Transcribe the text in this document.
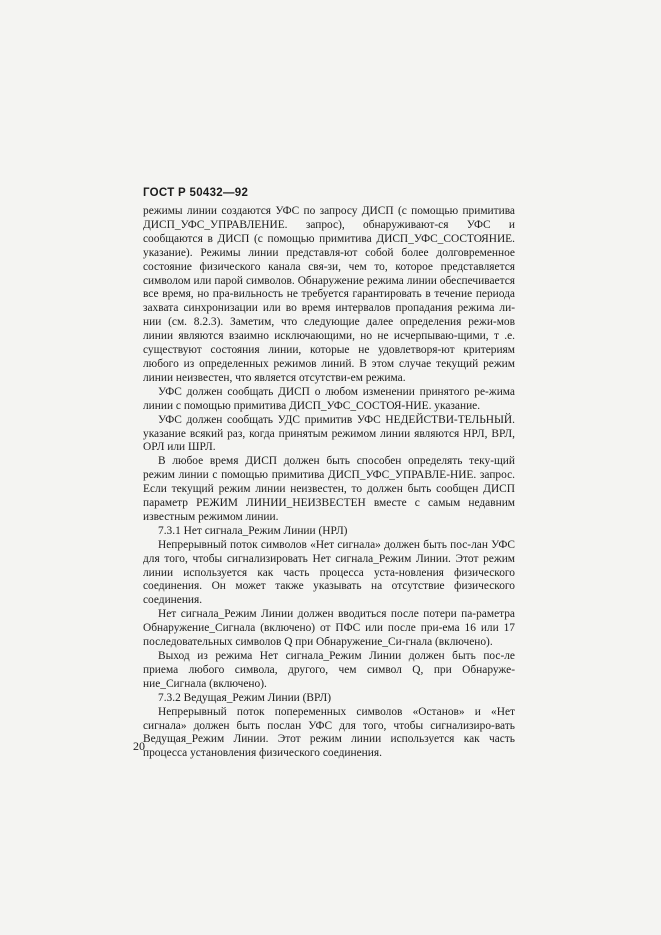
ГОСТ Р 50432—92

режимы линии создаются УФС по запросу ДИСП (с помощью примитива ДИСП_УФС_УПРАВЛЕНИЕ. запрос), обнаруживают-ся УФС и сообщаются в ДИСП (с помощью примитива ДИСП_УФС_СОСТОЯНИЕ. указание). Режимы линии представля-ют собой более долговременное состояние физического канала свя-зи, чем то, которое представляется символом или парой символов. Обнаружение режима линии обеспечивается все время, но пра-вильность не требуется гарантировать в течение периода захвата синхронизации или во время интервалов пропадания режима ли-нии (см. 8.2.3). Заметим, что следующие далее определения режи-мов линии являются взаимно исключающими, но не исчерпываю-щими, т .е. существуют состояния линии, которые не удовлетворя-ют критериям любого из определенных режимов линий. В этом случае текущий режим линии неизвестен, что является отсутстви-ем режима.

УФС должен сообщать ДИСП о любом изменении принятого ре-жима линии с помощью примитива ДИСП_УФС_СОСТОЯ-НИЕ. указание.

УФС должен сообщать УДС примитив УФС НЕДЕЙСТВИ-ТЕЛЬНЫЙ. указание всякий раз, когда принятым режимом линии являются НРЛ, ВРЛ, ОРЛ или ШРЛ.

В любое время ДИСП должен быть способен определять теку-щий режим линии с помощью примитива ДИСП_УФС_УПРАВЛЕ-НИЕ. запрос. Если текущий режим линии неизвестен, то должен быть сообщен ДИСП параметр РЕЖИМ ЛИНИИ_НЕИЗВЕСТЕН вместе с самым недавним известным режимом линии.

7.3.1 Нет сигнала_Режим Линии (НРЛ)

Непрерывный поток символов «Нет сигнала» должен быть пос-лан УФС для того, чтобы сигнализировать Нет сигнала_Режим Линии. Этот режим линии используется как часть процесса уста-новления физического соединения. Он может также указывать на отсутствие физического соединения.

Нет сигнала_Режим Линии должен вводиться после потери па-раметра Обнаружение_Сигнала (включено) от ПФС или после при-ема 16 или 17 последовательных символов Q при Обнаружение_Си-гнала (включено).

Выход из режима Нет сигнала_Режим Линии должен быть пос-ле приема любого символа, другого, чем символ Q, при Обнаруже-ние_Сигнала (включено).

7.3.2 Ведущая_Режим Линии (ВРЛ)

Непрерывный поток попеременных символов «Останов» и «Нет сигнала» должен быть послан УФС для того, чтобы сигнализиро-вать Ведущая_Режим Линии. Этот режим линии используется как часть процесса установления физического соединения.

20
